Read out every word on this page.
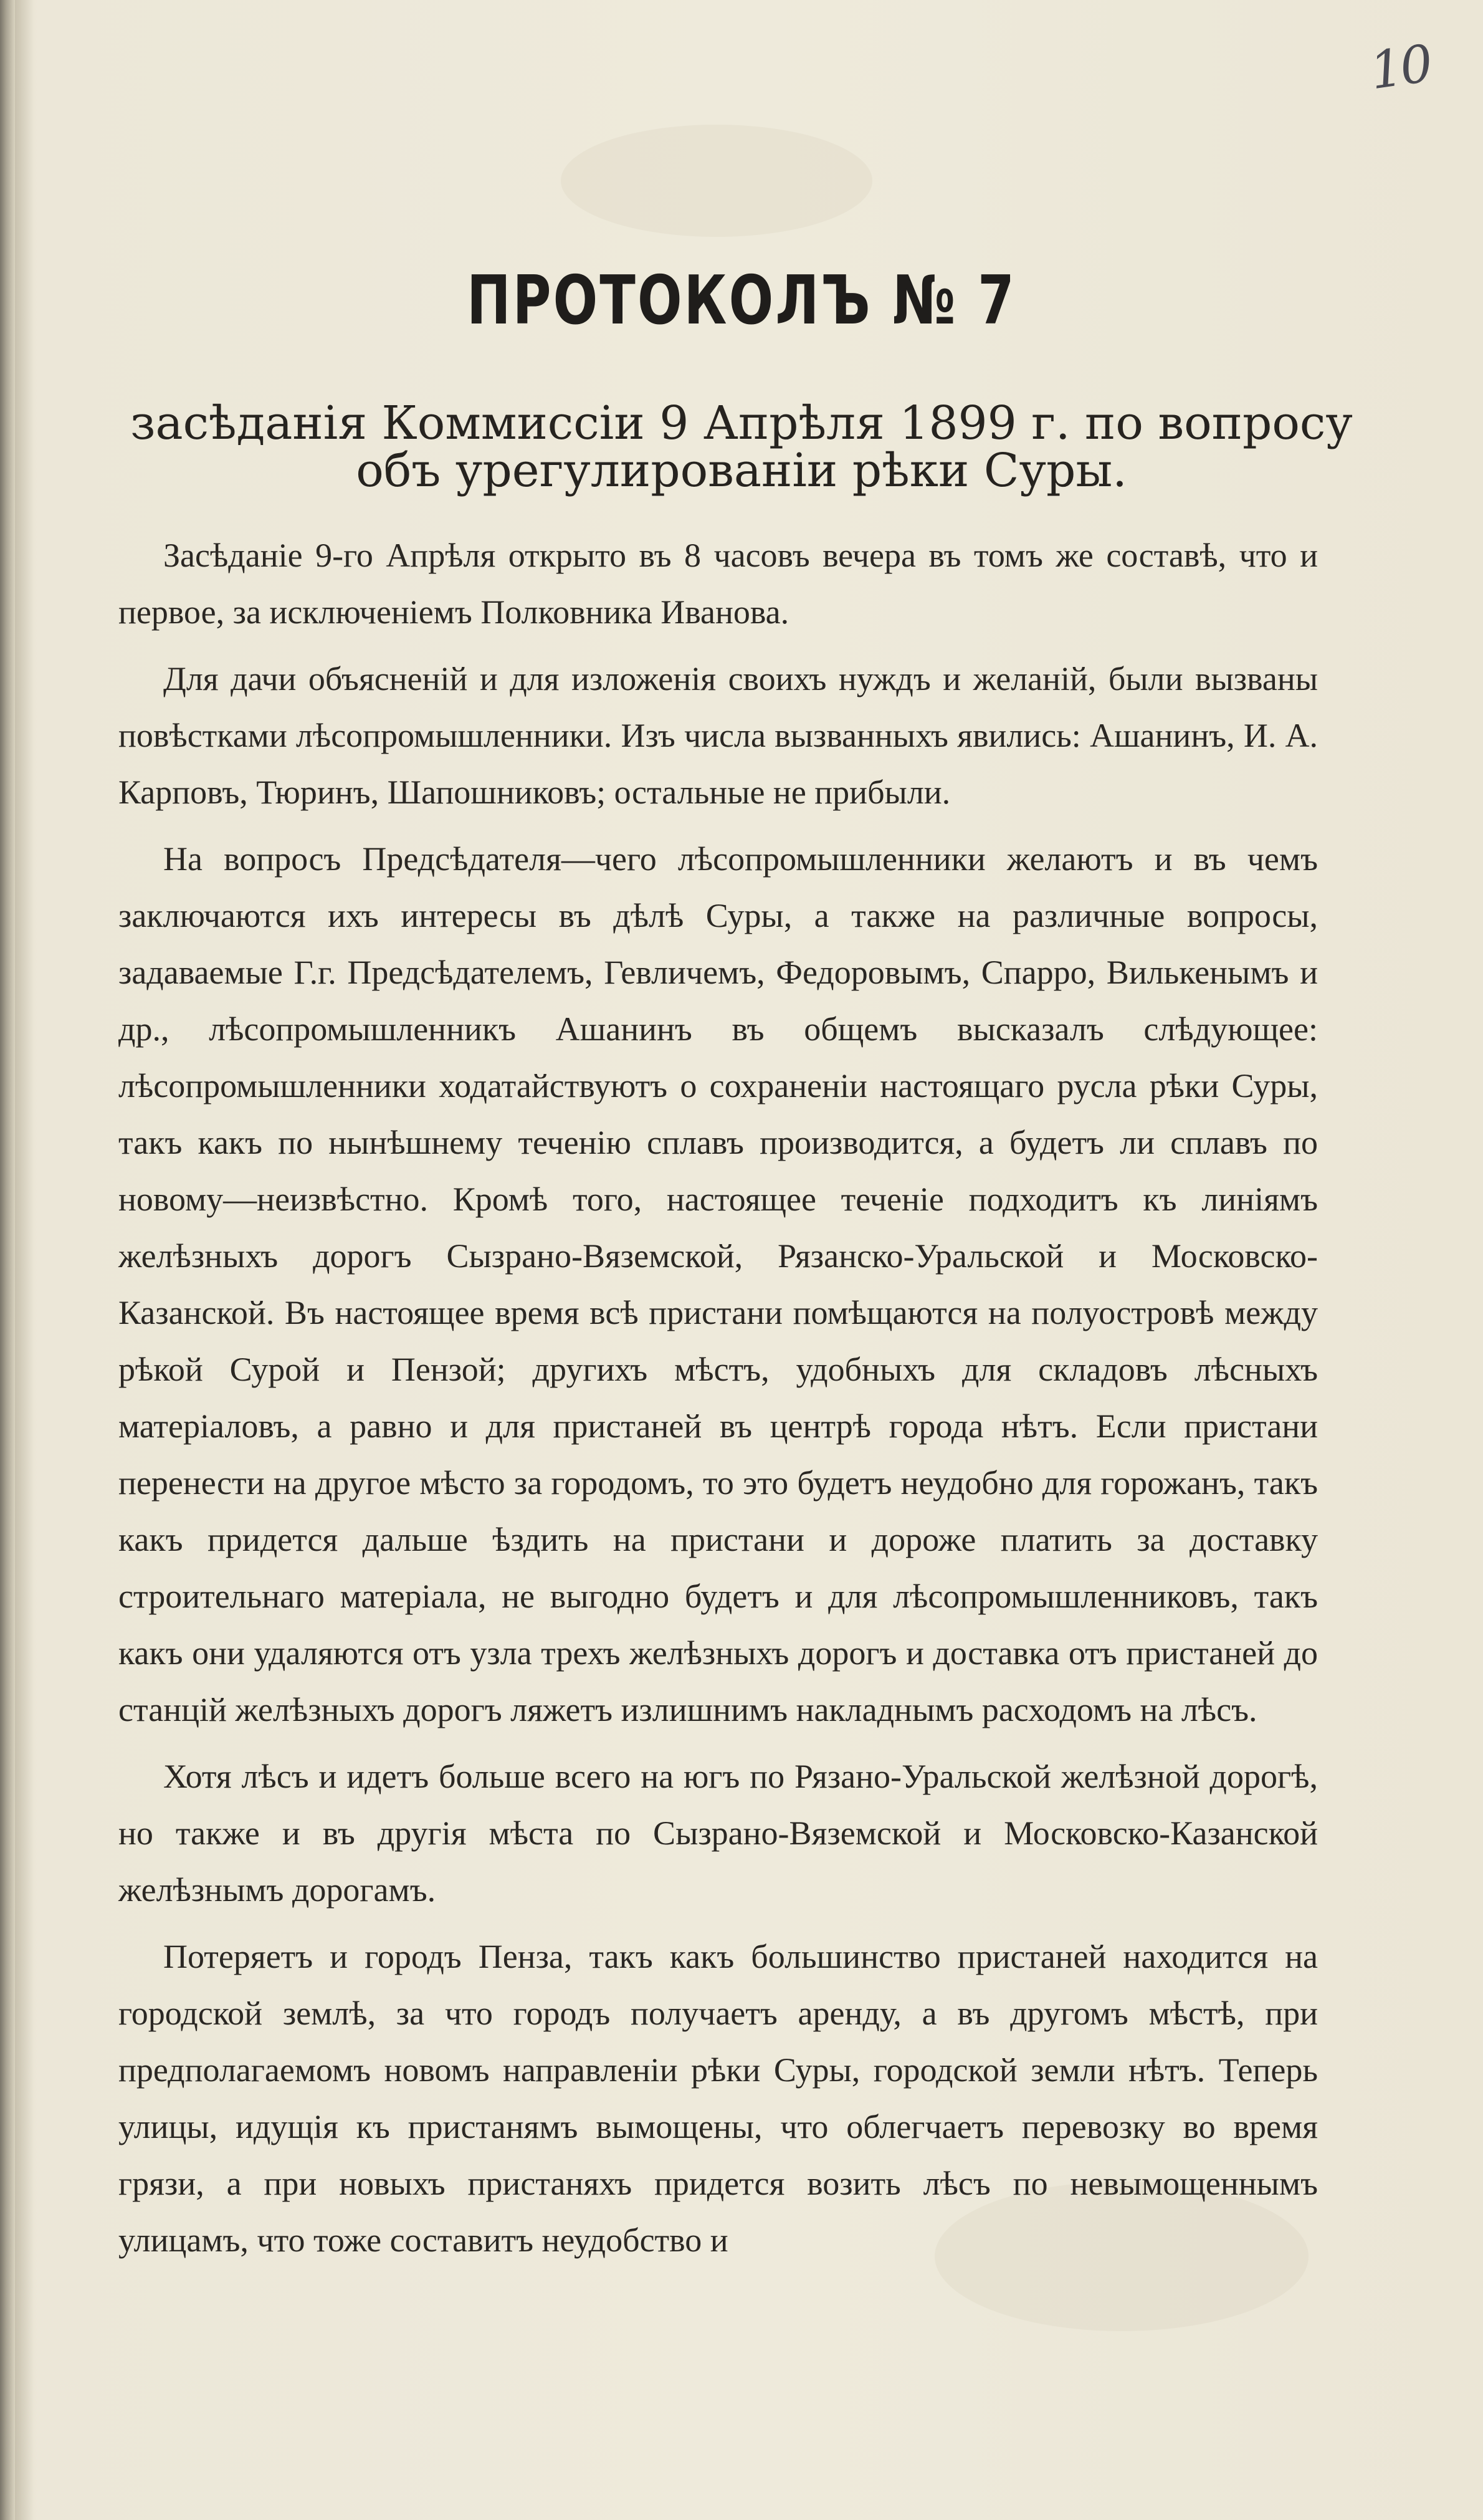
10
ПРОТОКОЛЪ № 7
засѣданія Коммиссіи 9 Апрѣля 1899 г. по вопросу
объ урегулированіи рѣки Суры.

Засѣданіе 9-го Апрѣля открыто въ 8 часовъ вечера въ томъ же составѣ, что и первое, за исключеніемъ Полковника Иванова.

Для дачи объясненій и для изложенія своихъ нуждъ и желаній, были вызваны повѣстками лѣсопромышленники. Изъ числа вызванныхъ явились: Ашанинъ, И. А. Карповъ, Тюринъ, Шапошниковъ; остальные не прибыли.

На вопросъ Предсѣдателя—чего лѣсопромышленники желаютъ и въ чемъ заключаются ихъ интересы въ дѣлѣ Суры, а также на различные вопросы, задаваемые Г.г. Предсѣдателемъ, Гевличемъ, Федоровымъ, Спарро, Вилькенымъ и др., лѣсопромышленникъ Ашанинъ въ общемъ высказалъ слѣдующее: лѣсопромышленники ходатайствуютъ о сохраненіи настоящаго русла рѣки Суры, такъ какъ по нынѣшнему теченію сплавъ производится, а будетъ ли сплавъ по новому—неизвѣстно. Кромѣ того, настоящее теченіе подходитъ къ линіямъ желѣзныхъ дорогъ Сызрано-Вяземской, Рязанско-Уральской и Московско-Казанской. Въ настоящее время всѣ пристани помѣщаются на полуостровѣ между рѣкой Сурой и Пензой; другихъ мѣстъ, удобныхъ для складовъ лѣсныхъ матеріаловъ, а равно и для пристаней въ центрѣ города нѣтъ. Если пристани перенести на другое мѣсто за городомъ, то это будетъ неудобно для горожанъ, такъ какъ придется дальше ѣздить на пристани и дороже платить за доставку строительнаго матеріала, не выгодно будетъ и для лѣсопромышленниковъ, такъ какъ они удаляются отъ узла трехъ желѣзныхъ дорогъ и доставка отъ пристаней до станцій желѣзныхъ дорогъ ляжетъ излишнимъ накладнымъ расходомъ на лѣсъ.

Хотя лѣсъ и идетъ больше всего на югъ по Рязано-Уральской желѣзной дорогѣ, но также и въ другія мѣста по Сызрано-Вяземской и Московско-Казанской желѣзнымъ дорогамъ.

Потеряетъ и городъ Пенза, такъ какъ большинство пристаней находится на городской землѣ, за что городъ получаетъ аренду, а въ другомъ мѣстѣ, при предполагаемомъ новомъ направленіи рѣки Суры, городской земли нѣтъ. Теперь улицы, идущія къ пристанямъ вымощены, что облегчаетъ перевозку во время грязи, а при новыхъ пристаняхъ придется возить лѣсъ по невымощеннымъ улицамъ, что тоже составитъ неудобство и
